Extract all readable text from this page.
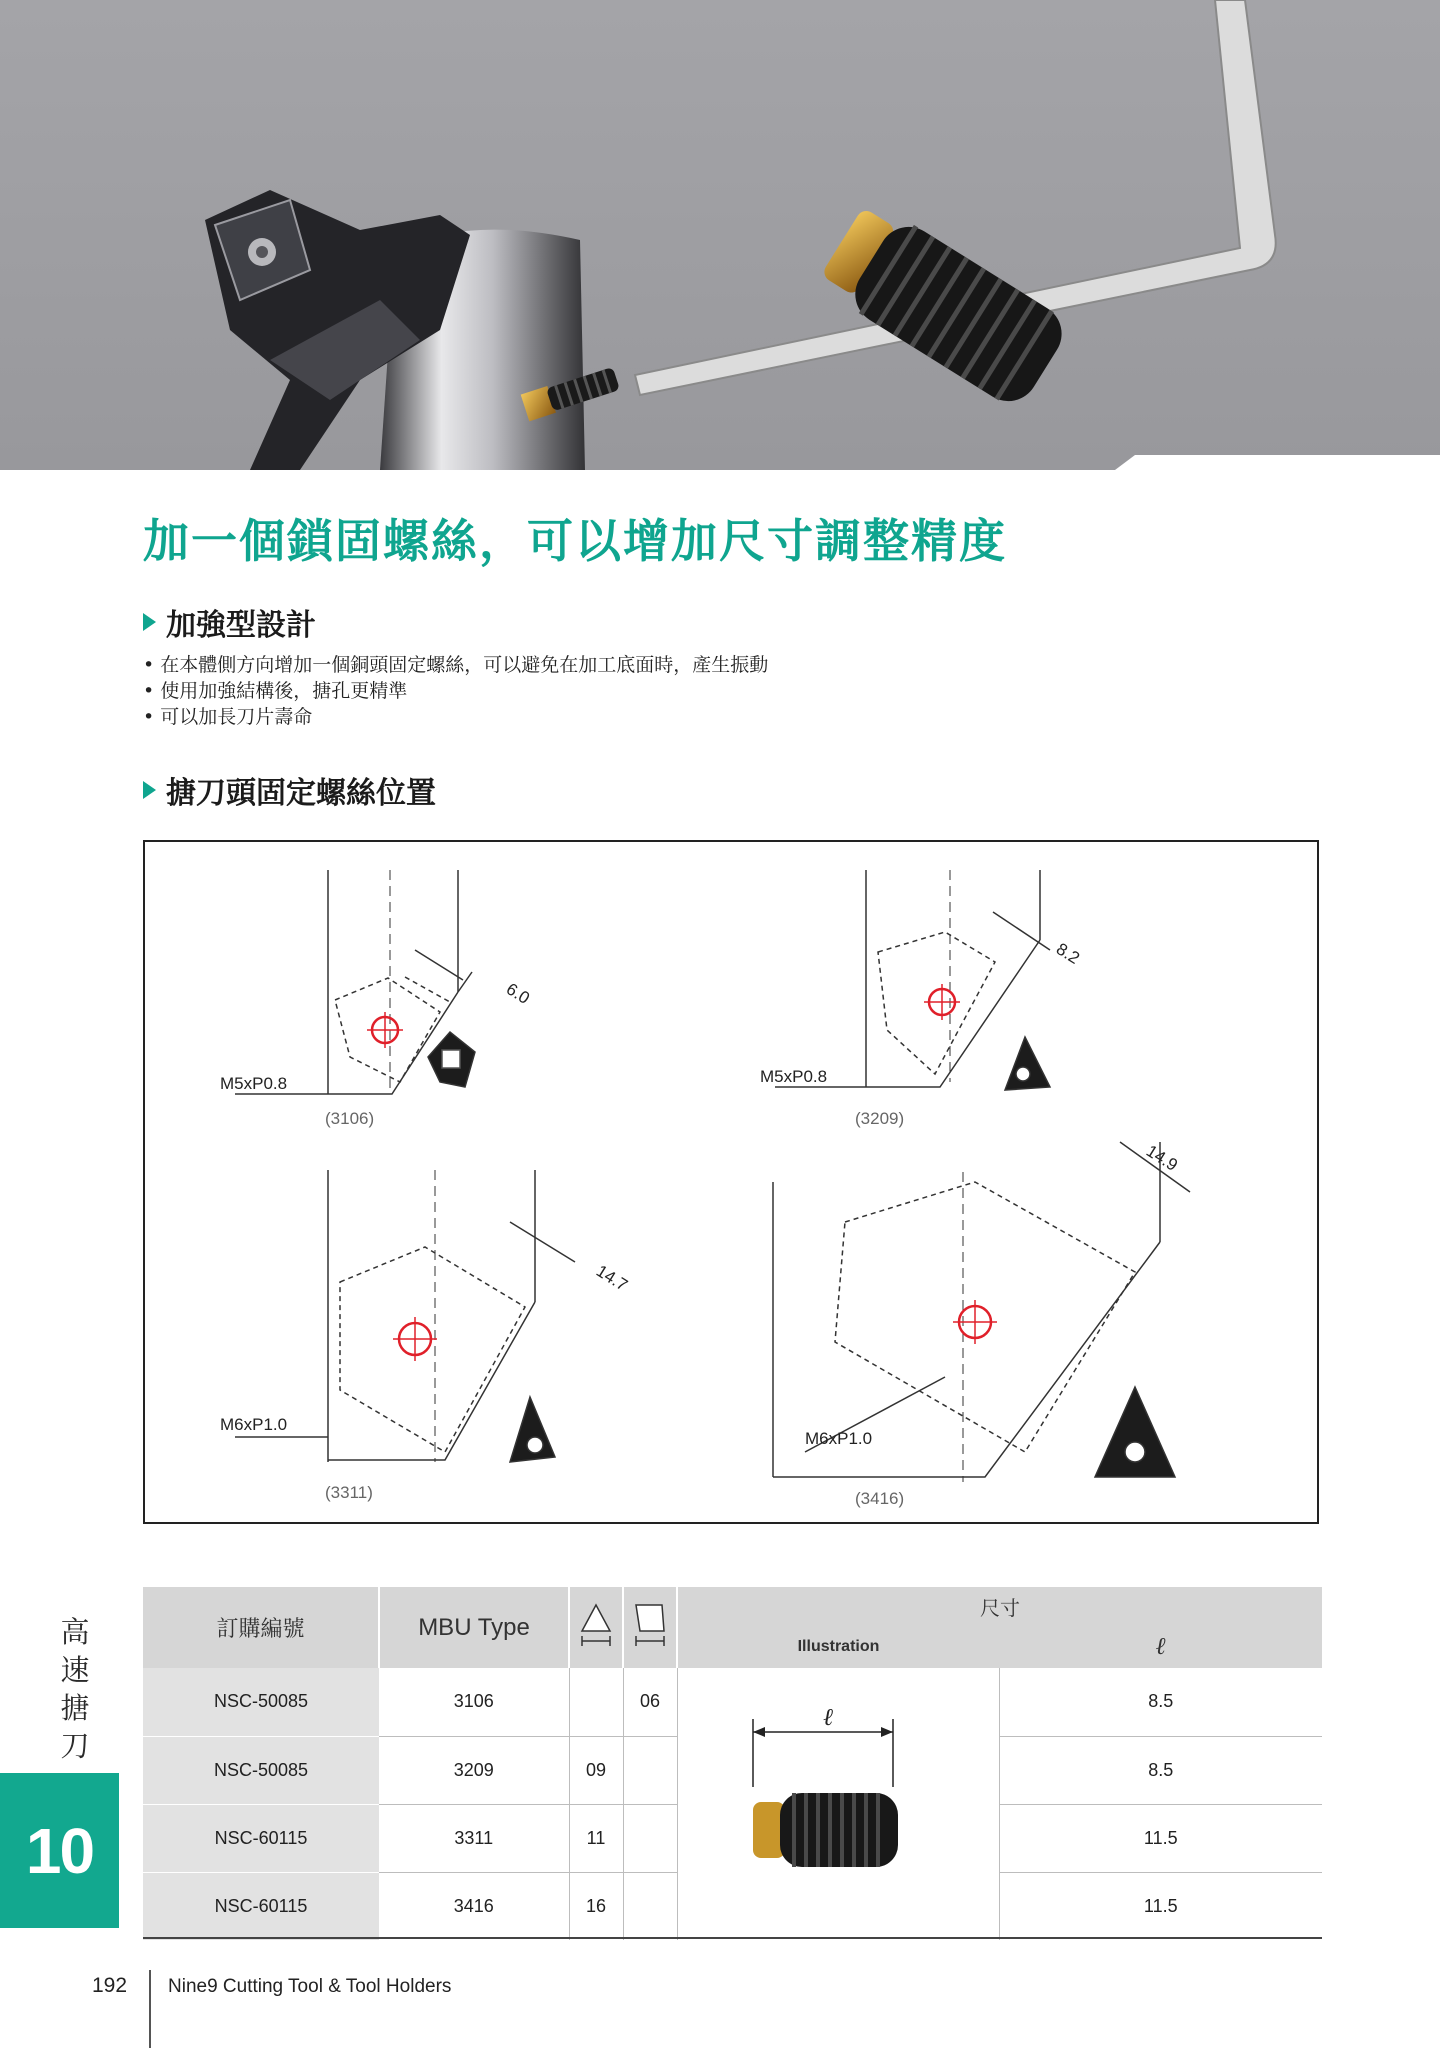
加一個鎖固螺絲，可以增加尺寸調整精度
加強型設計
• 在本體側方向增加一個銅頭固定螺絲，可以避免在加工底面時，產生振動
• 使用加強結構後，搪孔更精準
• 可以加長刀片壽命
搪刀頭固定螺絲位置
M5xP0.8
6.0
(3106)
M5xP0.8
8.2
(3209)
M6xP1.0
14.7
(3311)
M6xP1.0
14.9
(3416)
高
速
搪
刀
10
訂購編號	MBU Type			尺寸	
				Illustration	ℓ
NSC-50085	3106		06	ℓ	8.5
NSC-50085	3209	09			8.5
NSC-60115	3311	11			11.5
NSC-60115	3416	16			11.5
192 Nine9 Cutting Tool & Tool Holders
